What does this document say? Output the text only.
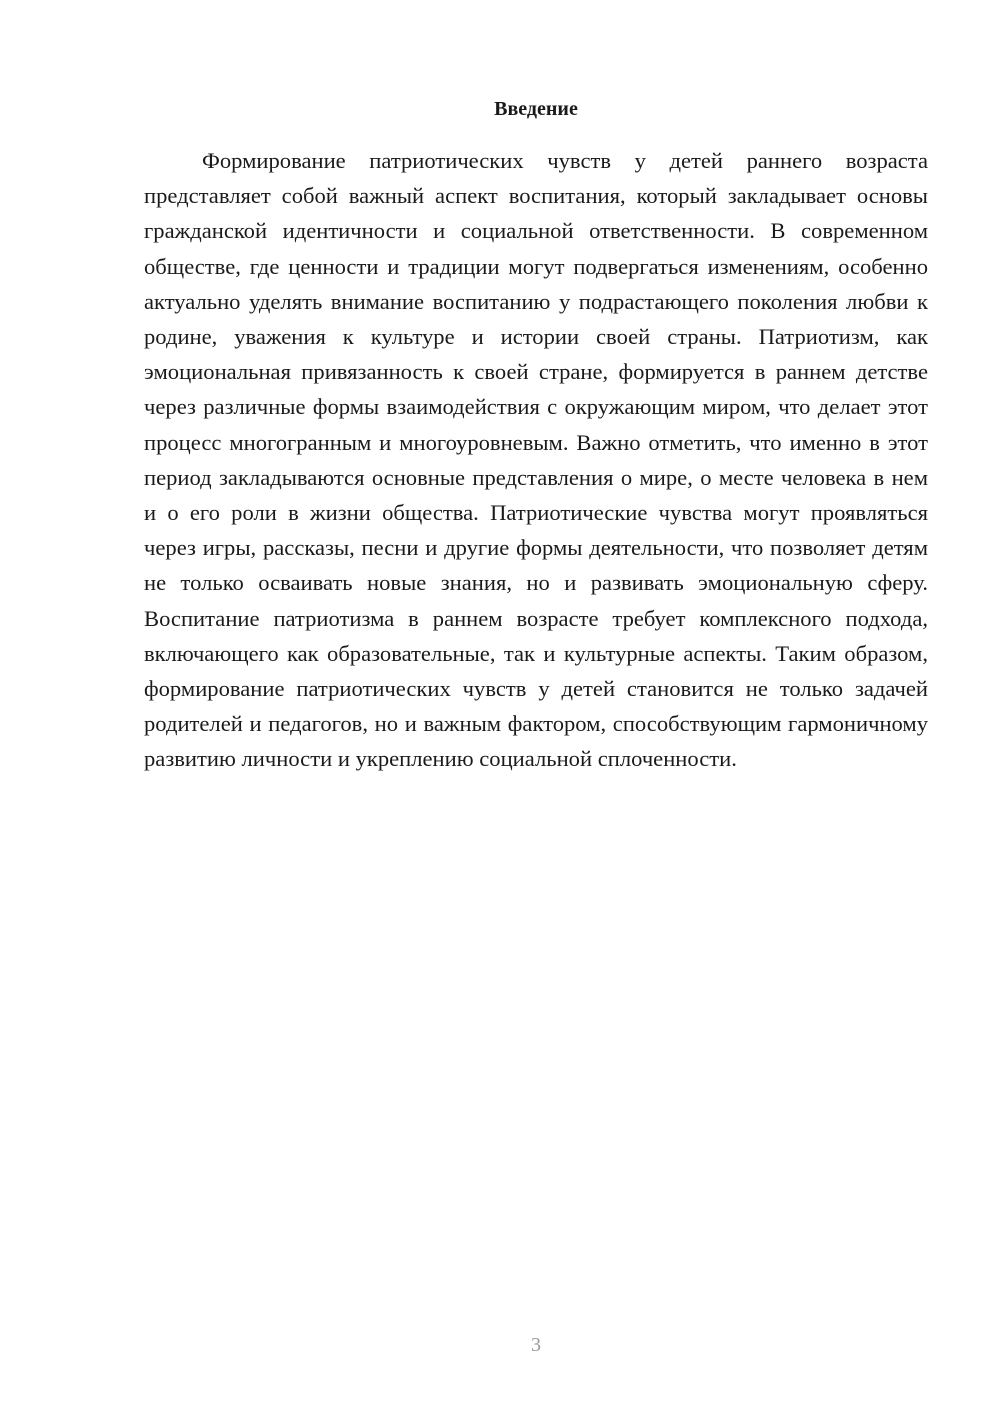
Введение

Формирование патриотических чувств у детей раннего возраста представляет собой важный аспект воспитания, который закладывает основы гражданской идентичности и социальной ответственности. В современном обществе, где ценности и традиции могут подвергаться изменениям, особенно актуально уделять внимание воспитанию у подрастающего поколения любви к родине, уважения к культуре и истории своей страны. Патриотизм, как эмоциональная привязанность к своей стране, формируется в раннем детстве через различные формы взаимодействия с окружающим миром, что делает этот процесс многогранным и многоуровневым. Важно отметить, что именно в этот период закладываются основные представления о мире, о месте человека в нем и о его роли в жизни общества. Патриотические чувства могут проявляться через игры, рассказы, песни и другие формы деятельности, что позволяет детям не только осваивать новые знания, но и развивать эмоциональную сферу. Воспитание патриотизма в раннем возрасте требует комплексного подхода, включающего как образовательные, так и культурные аспекты. Таким образом, формирование патриотических чувств у детей становится не только задачей родителей и педагогов, но и важным фактором, способствующим гармоничному развитию личности и укреплению социальной сплоченности.

3
